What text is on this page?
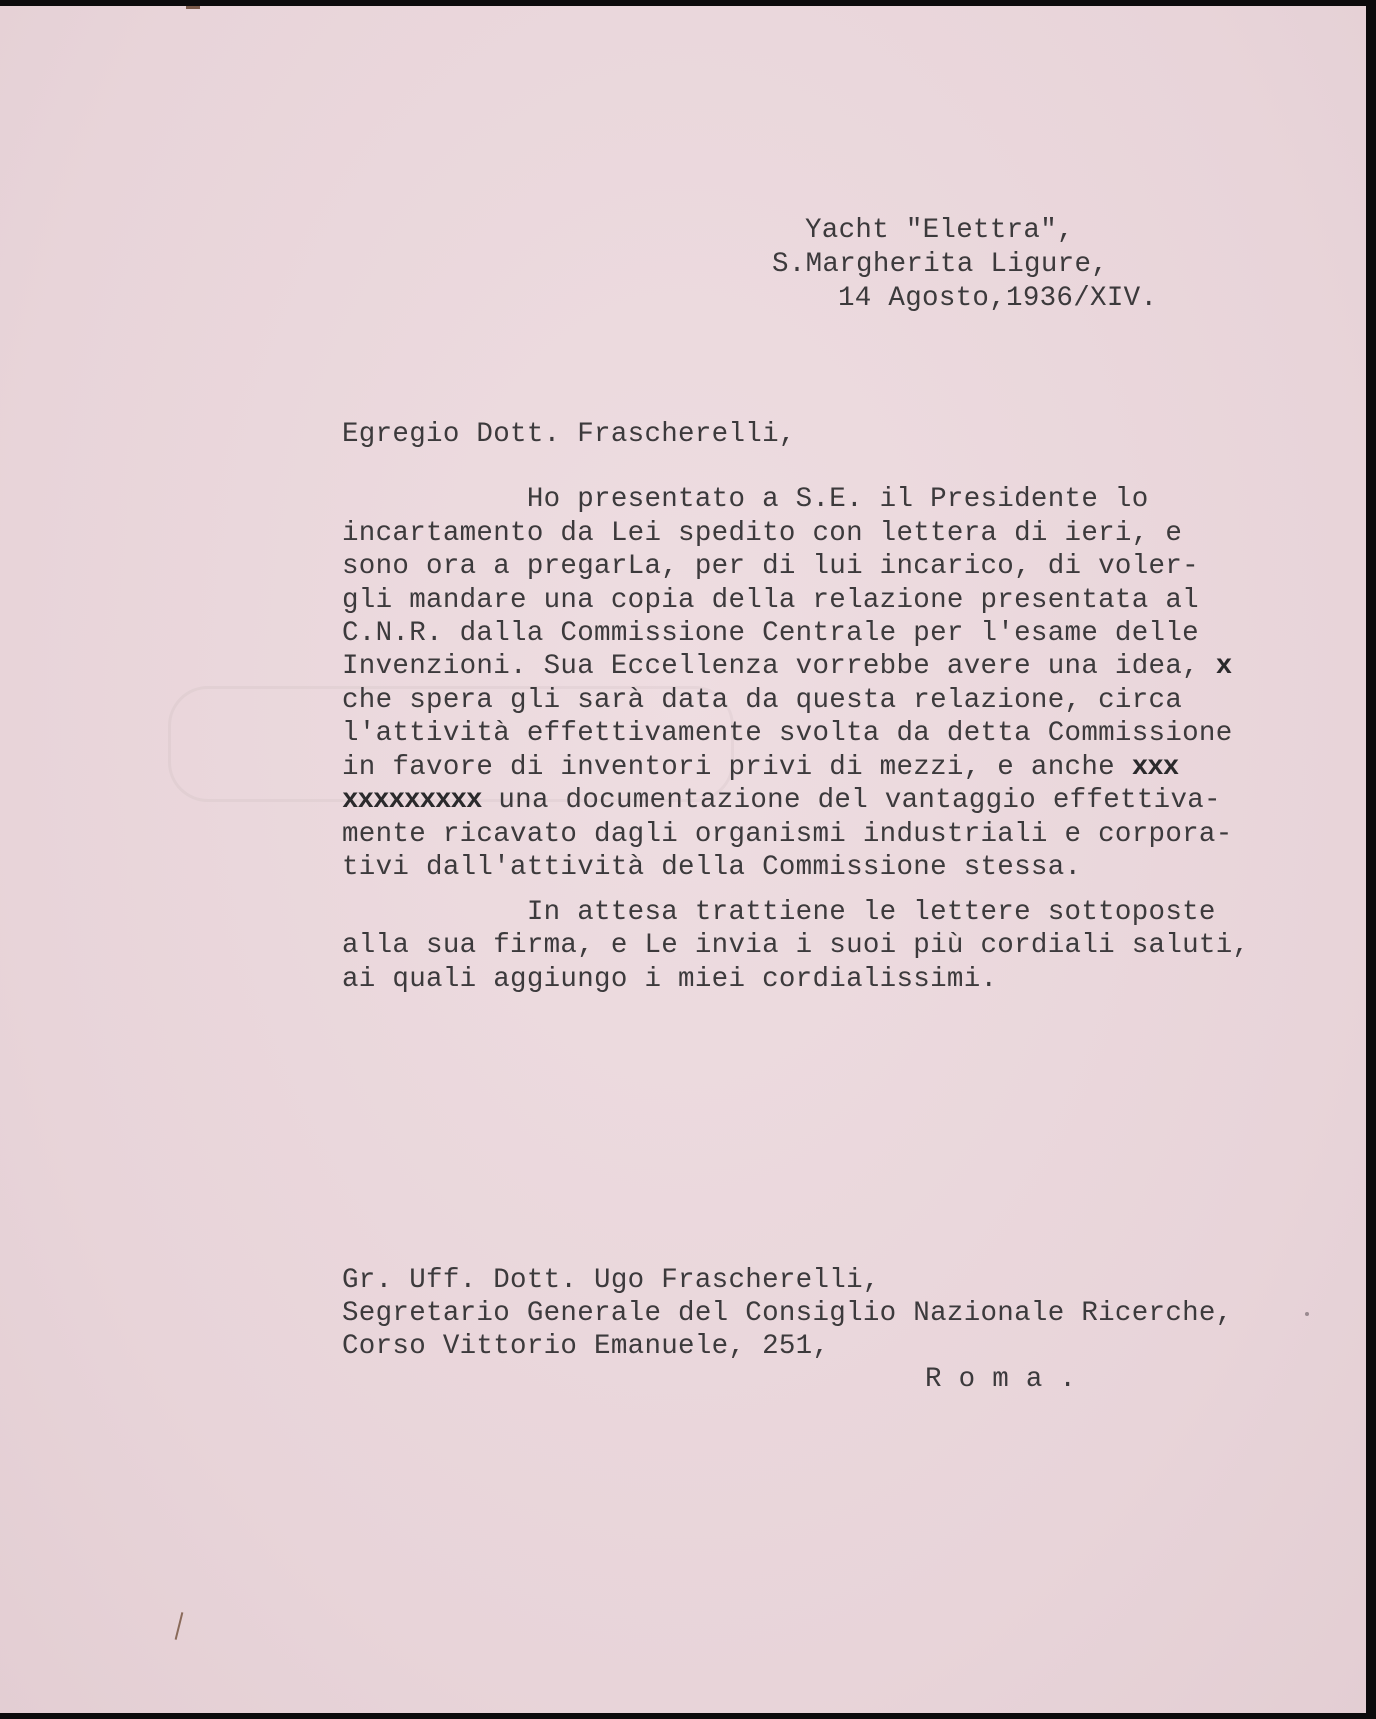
Yacht "Elettra",
S.Margherita Ligure,
14 Agosto,1936/XIV.
Egregio Dott. Frascherelli,
Ho presentato a S.E. il Presidente lo
incartamento da Lei spedito con lettera di ieri, e
sono ora a pregarLa, per di lui incarico, di voler-
gli mandare una copia della relazione presentata al
C.N.R. dalla Commissione Centrale per l'esame delle
Invenzioni. Sua Eccellenza vorrebbe avere una idea, x
che spera gli sarà data da questa relazione, circa
l'attività effettivamente svolta da detta Commissione
in favore di inventori privi di mezzi, e anche xxx
xxxxxxxxx una documentazione del vantaggio effettiva-
mente ricavato dagli organismi industriali e corpora-
tivi dall'attività della Commissione stessa.
In attesa trattiene le lettere sottoposte
alla sua firma, e Le invia i suoi più cordiali saluti,
ai quali aggiungo i miei cordialissimi.
Gr. Uff. Dott. Ugo Frascherelli,
Segretario Generale del Consiglio Nazionale Ricerche,
Corso Vittorio Emanuele, 251,
R o m a .
